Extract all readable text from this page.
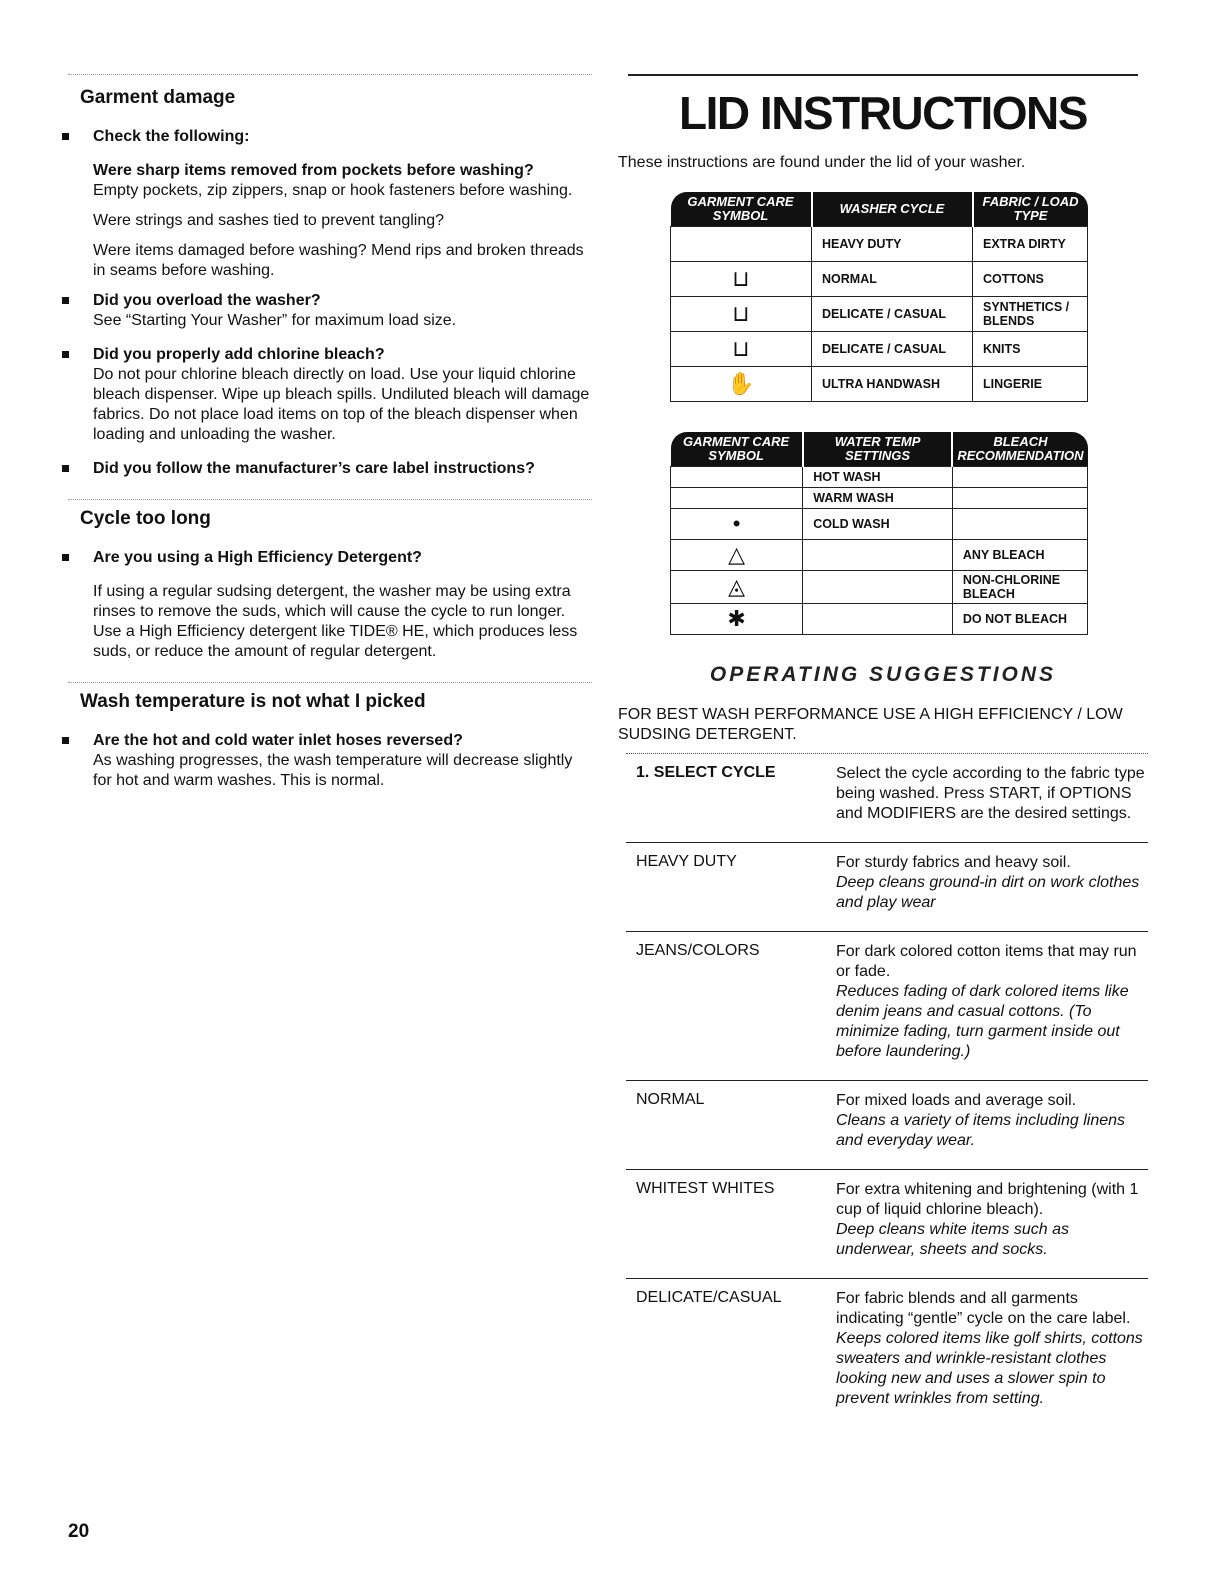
Garment damage
Check the following:
Were sharp items removed from pockets before washing?
Empty pockets, zip zippers, snap or hook fasteners before washing.
Were strings and sashes tied to prevent tangling?
Were items damaged before washing? Mend rips and broken threads in seams before washing.
Did you overload the washer?
See “Starting Your Washer” for maximum load size.
Did you properly add chlorine bleach?
Do not pour chlorine bleach directly on load. Use your liquid chlorine bleach dispenser. Wipe up bleach spills. Undiluted bleach will damage fabrics. Do not place load items on top of the bleach dispenser when loading and unloading the washer.
Did you follow the manufacturer’s care label instructions?
Cycle too long
Are you using a High Efficiency Detergent?
If using a regular sudsing detergent, the washer may be using extra rinses to remove the suds, which will cause the cycle to run longer. Use a High Efficiency detergent like TIDE® HE, which produces less suds, or reduce the amount of regular detergent.
Wash temperature is not what I picked
Are the hot and cold water inlet hoses reversed?
As washing progresses, the wash temperature will decrease slightly for hot and warm washes. This is normal.
LID INSTRUCTIONS
These instructions are found under the lid of your washer.
GARMENT CARE SYMBOL	WASHER CYCLE	FABRIC / LOAD TYPE
	HEAVY DUTY	EXTRA DIRTY
⊔	NORMAL	COTTONS
⊔	DELICATE / CASUAL	SYNTHETICS / BLENDS
⊔	DELICATE / CASUAL	KNITS
✋	ULTRA HANDWASH	LINGERIE
GARMENT CARE SYMBOL	WATER TEMP SETTINGS	BLEACH RECOMMENDATION
	HOT WASH	
	WARM WASH	
•	COLD WASH	
△		ANY BLEACH
◬		NON-CHLORINE BLEACH
✱		DO NOT BLEACH
OPERATING SUGGESTIONS
FOR BEST WASH PERFORMANCE USE A HIGH EFFICIENCY / LOW SUDSING DETERGENT.
1. SELECT CYCLE	Select the cycle according to the fabric type being washed. Press START, if OPTIONS and MODIFIERS are the desired settings.
HEAVY DUTY	For sturdy fabrics and heavy soil.
Deep cleans ground-in dirt on work clothes and play wear
JEANS/COLORS	For dark colored cotton items that may run or fade.
Reduces fading of dark colored items like denim jeans and casual cottons. (To minimize fading, turn garment inside out before laundering.)
NORMAL	For mixed loads and average soil.
Cleans a variety of items including linens and everyday wear.
WHITEST WHITES	For extra whitening and brightening (with 1 cup of liquid chlorine bleach).
Deep cleans white items such as underwear, sheets and socks.
DELICATE/CASUAL	For fabric blends and all garments indicating “gentle” cycle on the care label.
Keeps colored items like golf shirts, cottons sweaters and wrinkle-resistant clothes looking new and uses a slower spin to prevent wrinkles from setting.
20
